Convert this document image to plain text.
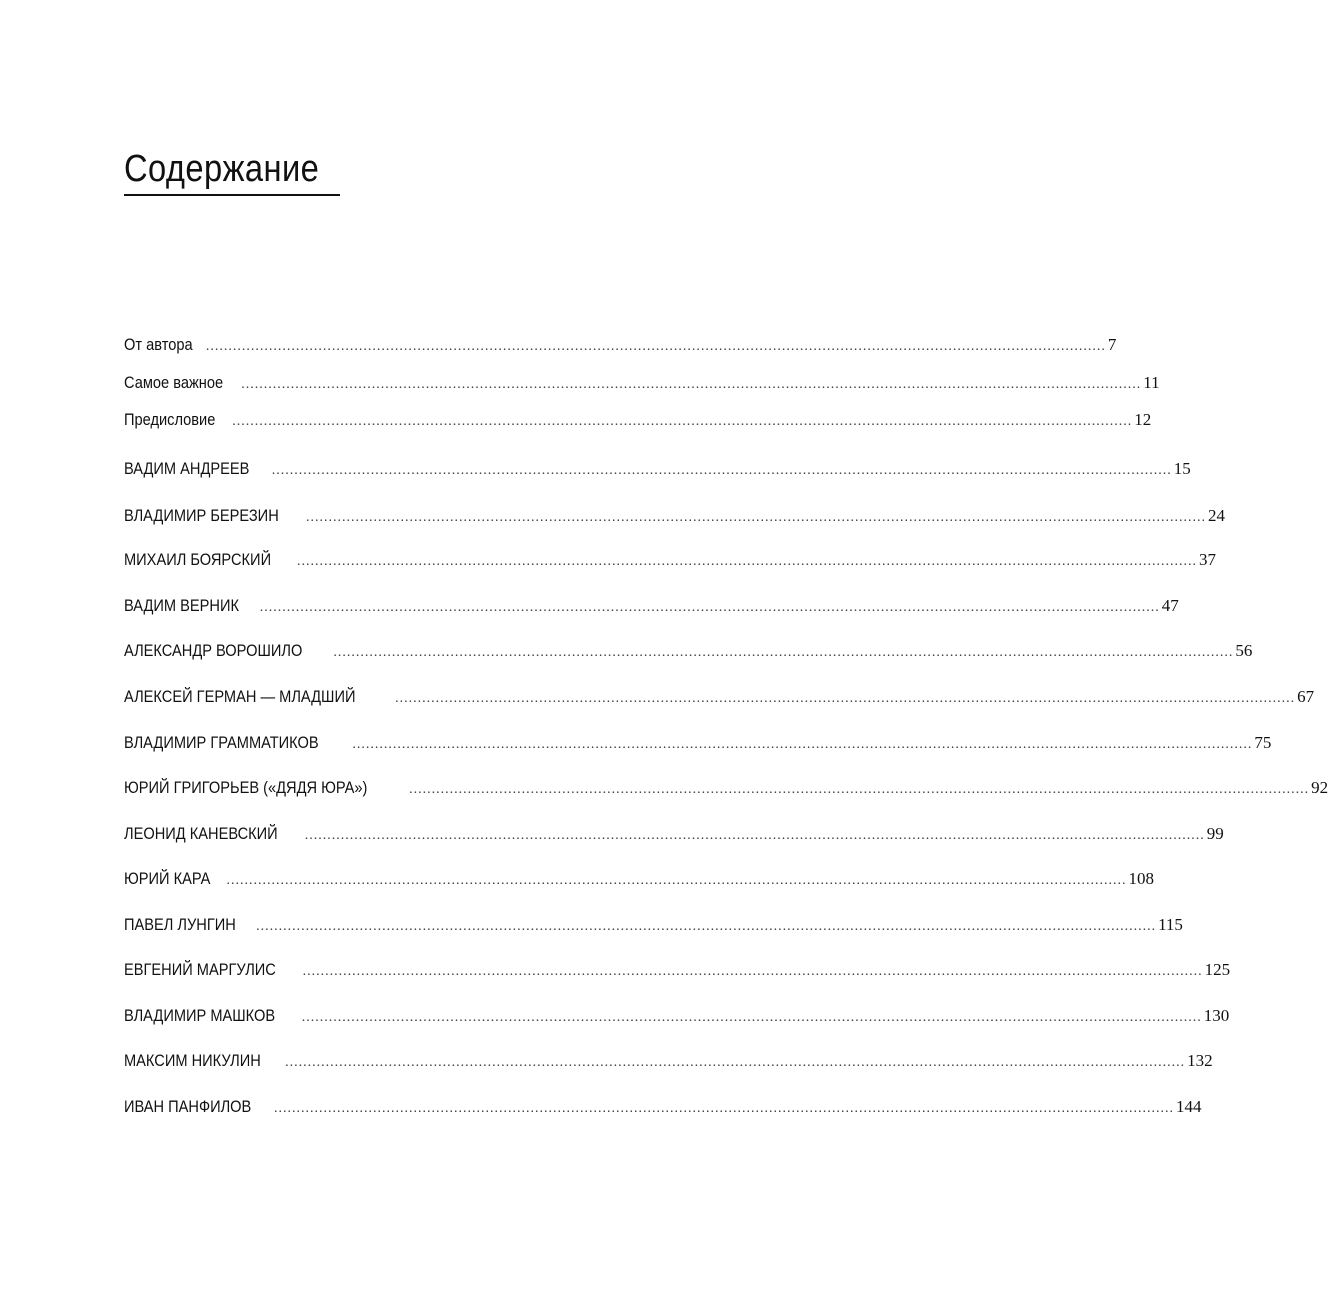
Содержание
От автора ........................................................................................................................................................................................................ 7
Самое важное ........................................................................................................................................................................................................ 11
Предисловие ........................................................................................................................................................................................................ 12
ВАДИМ АНДРЕЕВ ........................................................................................................................................................................................................ 15
ВЛАДИМИР БЕРЕЗИН ........................................................................................................................................................................................................ 24
МИХАИЛ БОЯРСКИЙ ........................................................................................................................................................................................................ 37
ВАДИМ ВЕРНИК ........................................................................................................................................................................................................ 47
АЛЕКСАНДР ВОРОШИЛО ........................................................................................................................................................................................................ 56
АЛЕКСЕЙ ГЕРМАН — МЛАДШИЙ	........................................................................................................................................................................................................ 67
ВЛАДИМИР ГРАММАТИКОВ ........................................................................................................................................................................................................ 75
ЮРИЙ ГРИГОРЬЕВ («ДЯДЯ ЮРА»)	........................................................................................................................................................................................................ 92
ЛЕОНИД КАНЕВСКИЙ ........................................................................................................................................................................................................ 99
ЮРИЙ КАРА ........................................................................................................................................................................................................ 108
ПАВЕЛ ЛУНГИН ........................................................................................................................................................................................................ 115
ЕВГЕНИЙ МАРГУЛИС ........................................................................................................................................................................................................ 125
ВЛАДИМИР МАШКОВ ........................................................................................................................................................................................................ 130
МАКСИМ НИКУЛИН ........................................................................................................................................................................................................ 132
ИВАН ПАНФИЛОВ ........................................................................................................................................................................................................ 144
